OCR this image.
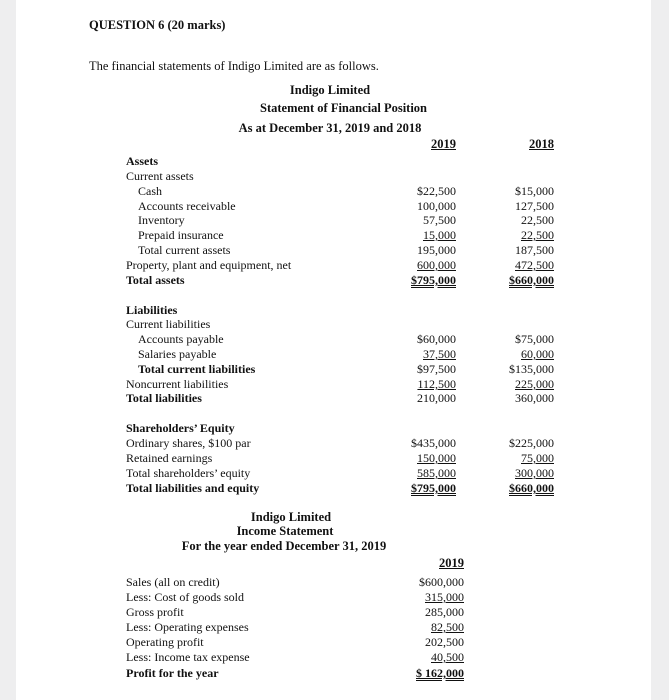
QUESTION 6 (20 marks)
The financial statements of Indigo Limited are as follows.
Indigo Limited
Statement of Financial Position
As at December 31, 2019 and 2018
2019	2018
Assets
Current assets
Cash	$22,500	$15,000
Accounts receivable	100,000	127,500
Inventory	57,500	22,500
Prepaid insurance	15,000	22,500
Total current assets	195,000	187,500
Property, plant and equipment, net	600,000	472,500
Total assets	$795,000	$660,000
Liabilities
Current liabilities
Accounts payable	$60,000	$75,000
Salaries payable	37,500	60,000
Total current liabilities	$97,500	$135,000
Noncurrent liabilities	112,500	225,000
Total liabilities	210,000	360,000
Shareholders’ Equity
Ordinary shares, $100 par	$435,000	$225,000
Retained earnings	150,000	75,000
Total shareholders’ equity	585,000	300,000
Total liabilities and equity	$795,000	$660,000
Indigo Limited
Income Statement
For the year ended December 31, 2019
2019
Sales (all on credit)	$600,000
Less: Cost of goods sold	315,000
Gross profit	285,000
Less: Operating expenses	82,500
Operating profit	202,500
Less: Income tax expense	40,500
Profit for the year	$ 162,000
